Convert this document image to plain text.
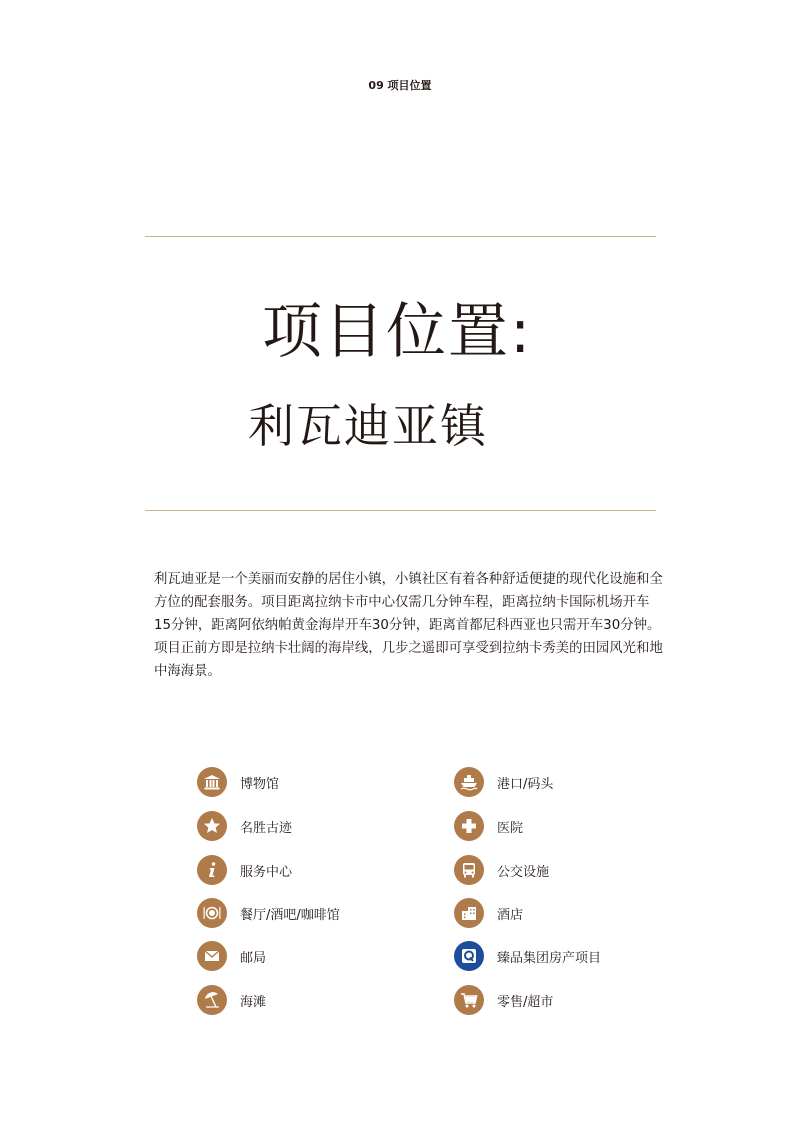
09 项目位置
项目位置:
利瓦迪亚镇
利瓦迪亚是一个美丽而安静的居住小镇，小镇社区有着各种舒适便捷的现代化设施和全方位的配套服务。项目距离拉纳卡市中心仅需几分钟车程，距离拉纳卡国际机场开车15分钟，距离阿依纳帕黄金海岸开车30分钟，距离首都尼科西亚也只需开车30分钟。项目正前方即是拉纳卡壮阔的海岸线，几步之遥即可享受到拉纳卡秀美的田园风光和地中海海景。
博物馆
名胜古迹
服务中心
餐厅/酒吧/咖啡馆
邮局
海滩
港口/码头
医院
公交设施
酒店
臻品集团房产项目
零售/超市
